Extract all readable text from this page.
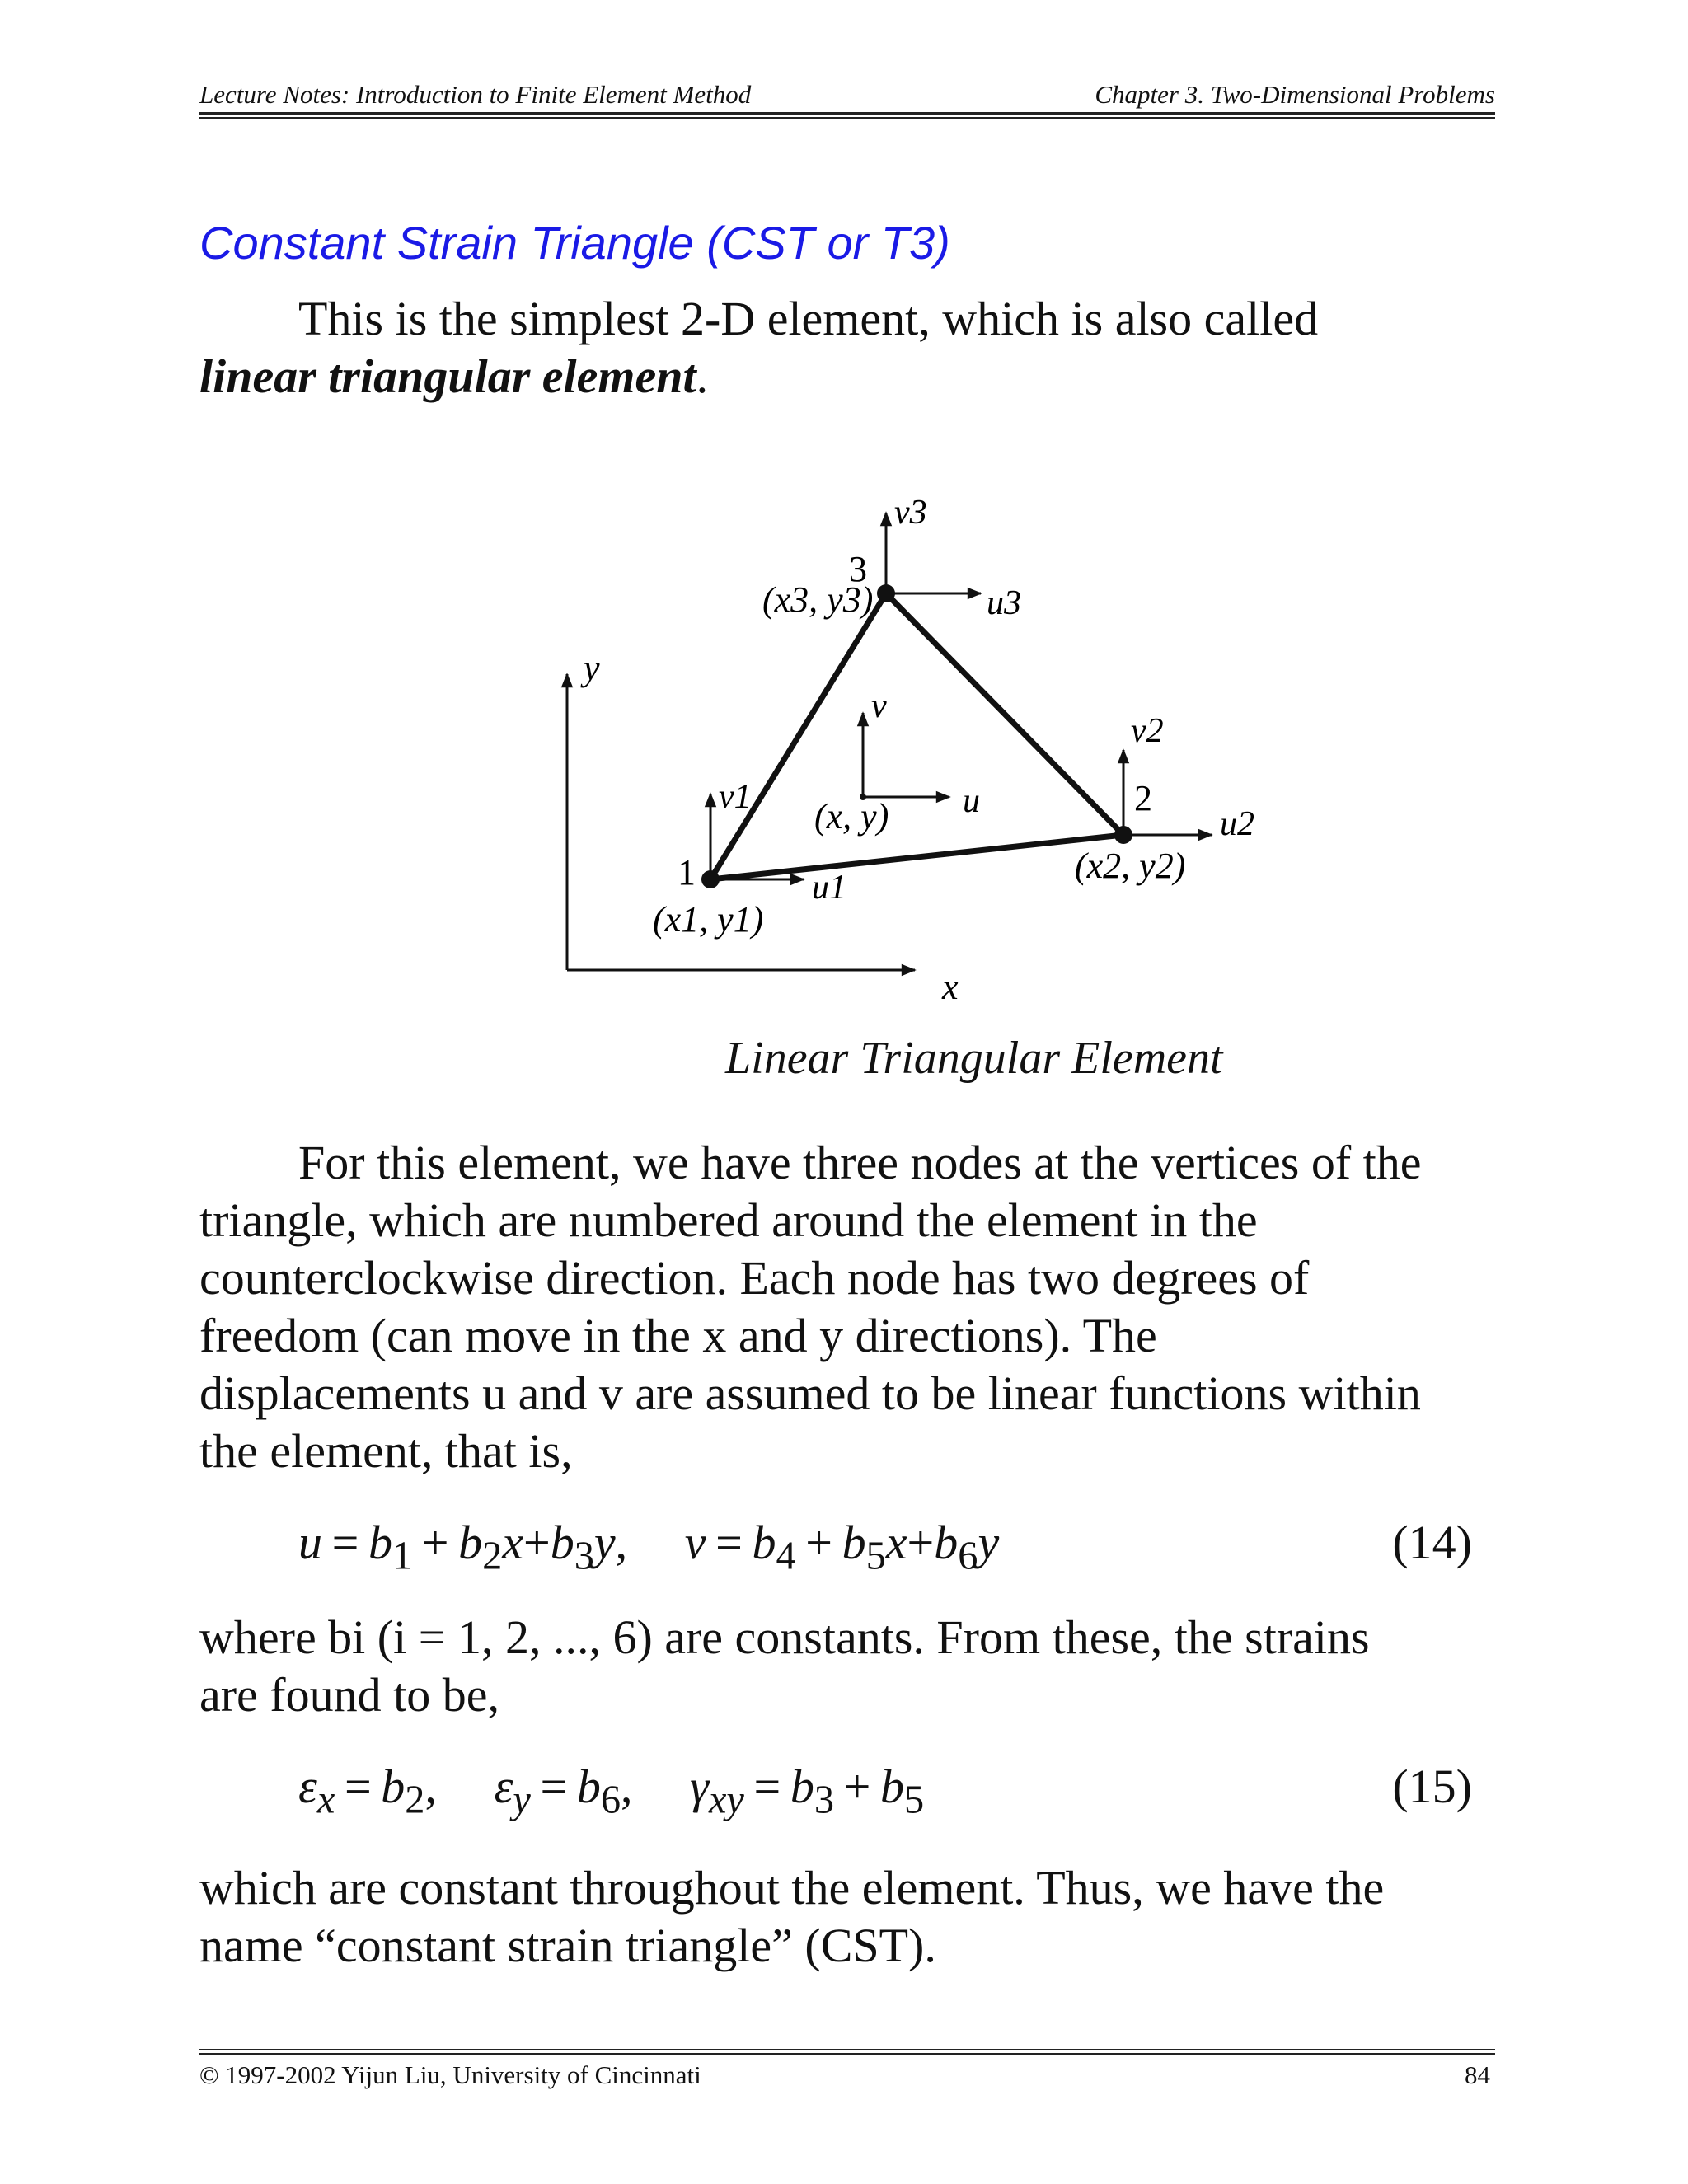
Lecture Notes: Introduction to Finite Element Method	Chapter 3. Two-Dimensional Problems
Constant Strain Triangle (CST or T3)

This is the simplest 2-D element, which is also called

linear triangular element.

y
x
1
(x1, y1)
v1
u1
2
(x2, y2)
v2
u2
3
(x3, y3)
v3
u3
v
u
(x, y)
Linear Triangular Element

For this element, we have three nodes at the vertices of the

triangle, which are numbered around the element in the

counterclockwise direction. Each node has two degrees of

freedom (can move in the x and y directions). The

displacements u and v are assumed to be linear functions within

the element, that is,

$u = b_1 + b_2x+b_3y$,  $v = b_4 + b_5x+b_6y$	(14)

where bi (i = 1, 2, ..., 6) are constants. From these, the strains

are found to be,

$\varepsilon_x = b_2$,  $\varepsilon_y = b_6$,  $\gamma_{xy} = b_3 + b_5$	(15)

which are constant throughout the element. Thus, we have the

name “constant strain triangle” (CST).

© 1997-2002 Yijun Liu, University of Cincinnati	84
